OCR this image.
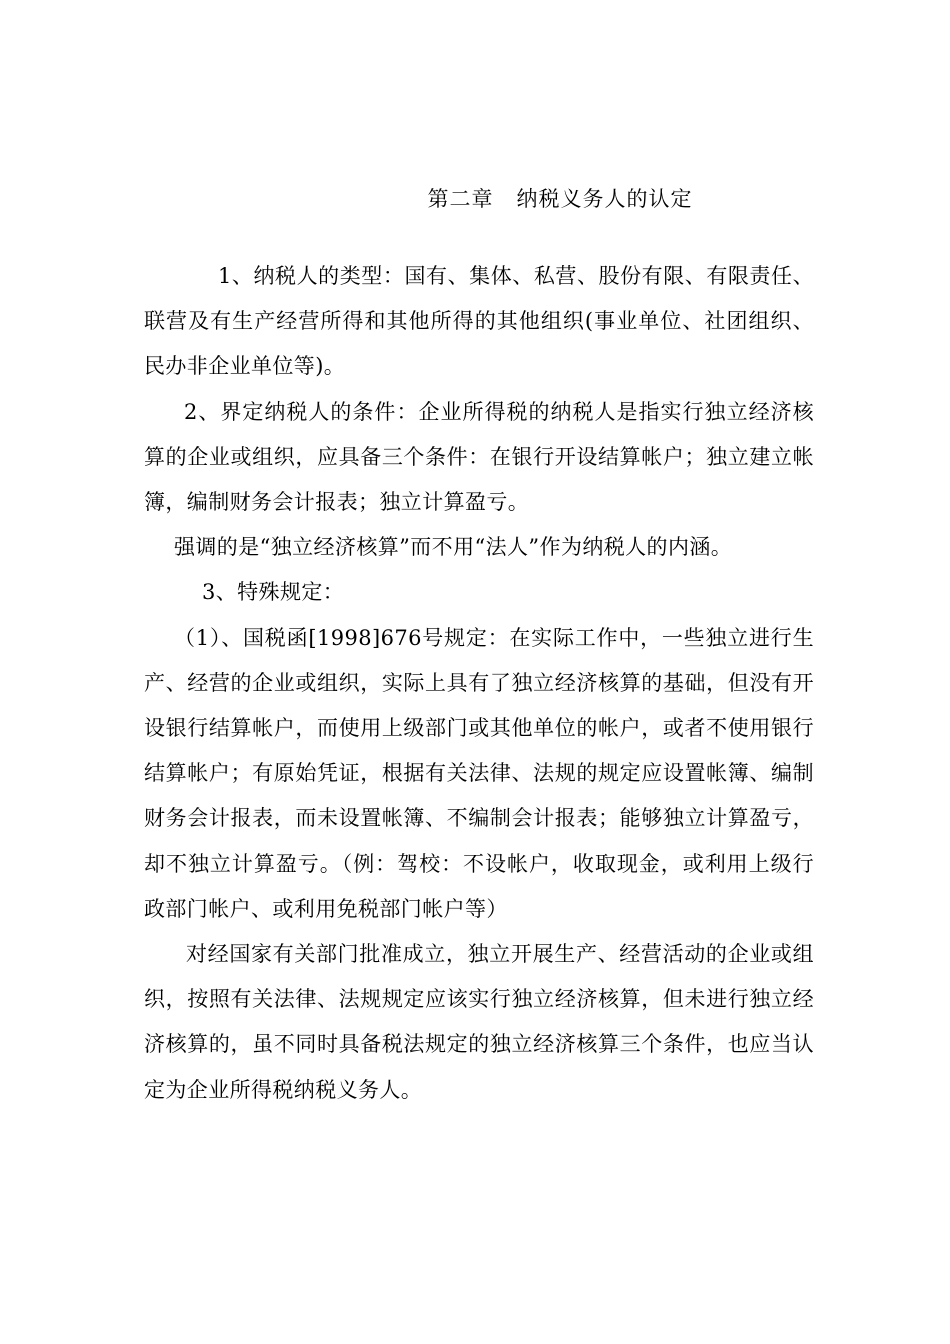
第二章   纳税义务人的认定

1、纳税人的类型：国有、集体、私营、股份有限、有限责任、联营及有生产经营所得和其他所得的其他组织(事业单位、社团组织、民办非企业单位等)。

2、界定纳税人的条件：企业所得税的纳税人是指实行独立经济核算的企业或组织，应具备三个条件：在银行开设结算帐户；独立建立帐簿，编制财务会计报表；独立计算盈亏。

强调的是“独立经济核算”而不用“法人”作为纳税人的内涵。

3、特殊规定：

（1）、国税函[1998]676号规定：在实际工作中，一些独立进行生产、经营的企业或组织，实际上具有了独立经济核算的基础，但没有开设银行结算帐户，而使用上级部门或其他单位的帐户，或者不使用银行结算帐户；有原始凭证，根据有关法律、法规的规定应设置帐簿、编制财务会计报表，而未设置帐簿、不编制会计报表；能够独立计算盈亏，却不独立计算盈亏。（例：驾校：不设帐户，收取现金，或利用上级行政部门帐户、或利用免税部门帐户等）

对经国家有关部门批准成立，独立开展生产、经营活动的企业或组织，按照有关法律、法规规定应该实行独立经济核算，但未进行独立经济核算的，虽不同时具备税法规定的独立经济核算三个条件，也应当认定为企业所得税纳税义务人。
